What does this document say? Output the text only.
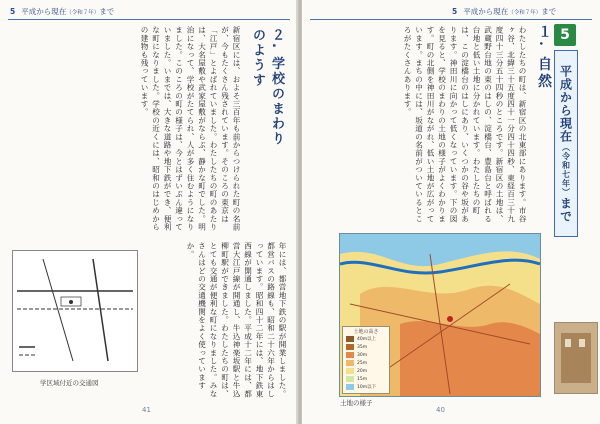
5 平成から現在（令和７年）まで
２. 学校のまわりのようす
新宿区には、およそ三百年も前からつけられた町の名前が、今もたくさん残されています。そのころの東京は「江戸」とよばれていました。わたしたちの町のあたりは、大名屋敷や武家屋敷がならぶ、静かな町でした。明治になって、学校がたてられ、人が多く住むようになりました。このころの町の様子は、今とはずいぶん違っていました。いまでは、大きな道路や地下鉄ができ、便利な町になりました。学校の近くには、昭和のはじめからの建物も残っています。
年には、都営地下鉄の駅が開業しました。都営バスの路線も、昭和二十六年からはしっています。昭和四十二年には、地下鉄東西線が開通しました。平成十二年には、都営大江戸線が開通し、牛込神楽坂駅と牛込柳町駅ができました。わたしたちの町は、とても交通が便利な町になりました。みなさんはどの交通機関をよく使っていますか。
学区域付近の交通図
41
5 平成から現在（令和７年）まで
わたしたちの町は、新宿区の北東部にあります。市谷ヶ谷、北緯三十五度四十一分四十四秒、東経百三十九度四十三分五十四秒のところです。新宿区の土地は、武蔵野台地の東のはしの、淀橋台、豊島台と呼ばれる台地と低い土地に分かれています。わたしたちの町は、この淀橋台のはしにあり、いくつかの谷や坂があります。神田川に向かって低くなっています。下の図を見ると、学校のまわりの土地の様子がよくわかります。町の北側を神田川がながれ、低い土地が広がっています。まちの中には、坂道の名前がついているところがたくさんあります。	１. 自然 5
平成から現在
（令和七年）
まで
土地の高さ
40m以上
35m
30m
25m
20m
15m
10m以下
土地の様子
40
